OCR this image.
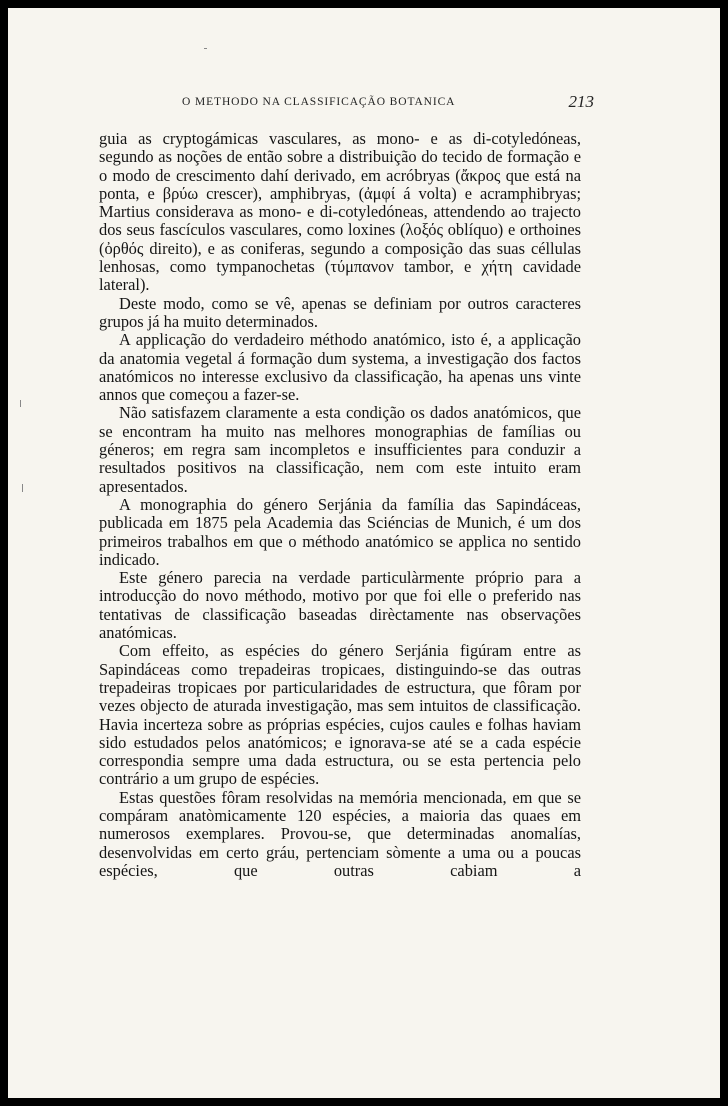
O METHODO NA CLASSIFICAÇÃO BOTANICA	213

guia as cryptogámicas vasculares, as mono- e as di-cotyledóneas, segundo as noções de então sobre a distribuição do tecido de formação e o modo de crescimento dahí derivado, em acróbryas (ἄκρος que está na ponta, e βρύω crescer), amphibryas, (ἀμφί á volta) e acramphibryas; Martius considerava as mono- e di-cotyledóneas, attendendo ao trajecto dos seus fascículos vasculares, como loxines (λοξός oblíquo) e orthoines (ὀρθός direito), e as coniferas, segundo a composição das suas céllulas lenhosas, como tympanochetas (τύμπανον tambor, e χήτη cavidade lateral).

Deste modo, como se vê, apenas se definiam por outros caracteres grupos já ha muito determinados.

A applicação do verdadeiro méthodo anatómico, isto é, a applicação da anatomia vegetal á formação dum systema, a investigação dos factos anatómicos no interesse exclusivo da classificação, ha apenas uns vinte annos que começou a fazer-se.

Não satisfazem claramente a esta condição os dados anatómicos, que se encontram ha muito nas melhores monographias de famílias ou géneros; em regra sam incompletos e insufficientes para conduzir a resultados positivos na classificação, nem com este intuito eram apresentados.

A monographia do género Serjánia da família das Sapindáceas, publicada em 1875 pela Academia das Sciéncias de Munich, é um dos primeiros trabalhos em que o méthodo anatómico se applica no sentido indicado.

Este género parecia na verdade particulàrmente próprio para a introducção do novo méthodo, motivo por que foi elle o preferido nas tentativas de classificação baseadas dirèctamente nas observações anatómicas.

Com effeito, as espécies do género Serjánia figúram entre as Sapindáceas como trepadeiras tropicaes, distinguindo-se das outras trepadeiras tropicaes por particularidades de estructura, que fôram por vezes objecto de aturada investigação, mas sem intuitos de classificação. Havia incerteza sobre as próprias espécies, cujos caules e folhas haviam sido estudados pelos anatómicos; e ignorava-se até se a cada espécie correspondia sempre uma dada estructura, ou se esta pertencia pelo contrário a um grupo de espécies.

Estas questões fôram resolvidas na memória mencionada, em que se compáram anatòmicamente 120 espécies, a maioria das quaes em numerosos exemplares. Provou-se, que determinadas anomalías, desenvolvidas em certo gráu, pertenciam sòmente a uma ou a poucas espécies, que outras cabiam a
